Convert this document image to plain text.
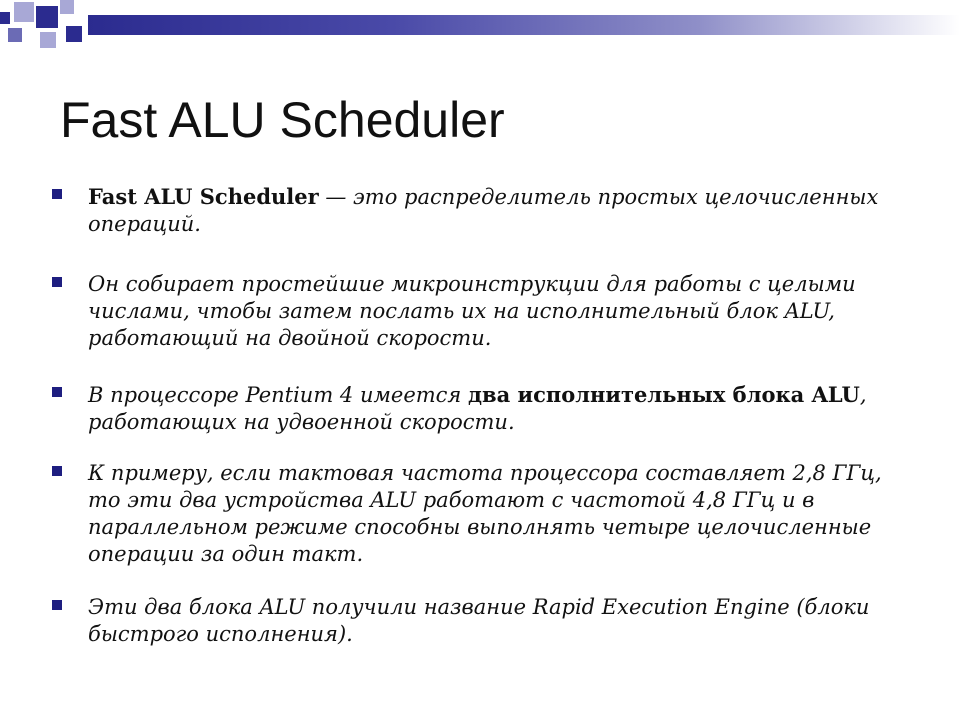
Fast ALU Scheduler
Fast ALU Scheduler — это распределитель простых целочисленных операций.
Он собирает простейшие микроинструкции для работы с целыми числами, чтобы затем послать их на исполнительный блок ALU, работающий на двойной скорости.
В процессоре Pentium 4 имеется два исполнительных блока ALU, работающих на удвоенной скорости.
К примеру, если тактовая частота процессора составляет 2,8 ГГц, то эти два устройства ALU работают с частотой 4,8 ГГц и в параллельном режиме способны выполнять четыре целочисленные операции за один такт.
Эти два блока ALU получили название Rapid Execution Engine (блоки быстрого исполнения).
